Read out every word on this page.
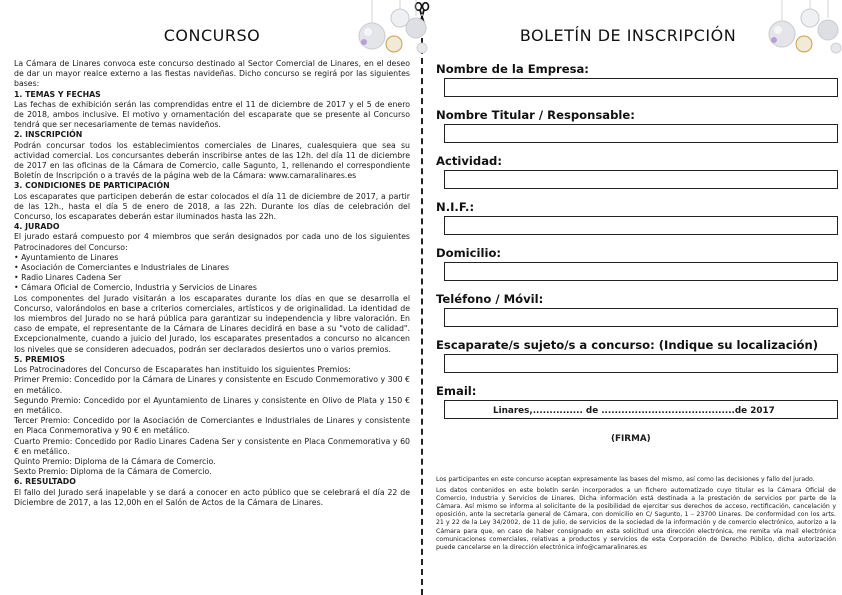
CONCURSO

La Cámara de Linares convoca este concurso destinado al Sector Comercial de Linares, en el deseo de dar un mayor realce externo a las fiestas navideñas. Dicho concurso se regirá por las siguientes bases:

1. TEMAS Y FECHAS

Las fechas de exhibición serán las comprendidas entre el 11 de diciembre de 2017 y el 5 de enero de 2018, ambos inclusive. El motivo y ornamentación del escaparate que se presente al Concurso tendrá que ser necesariamente de temas navideños.

2. INSCRIPCIÓN

Podrán concursar todos los establecimientos comerciales de Linares, cualesquiera que sea su actividad comercial. Los concursantes deberán inscribirse antes de las 12h. del día 11 de diciembre de 2017 en las oficinas de la Cámara de Comercio, calle Sagunto, 1, rellenando el correspondiente Boletín de Inscripción o a través de la página web de la Cámara: www.camaralinares.es

3. CONDICIONES DE PARTICIPACIÓN

Los escaparates que participen deberán de estar colocados el día 11 de diciembre de 2017, a partir de las 12h., hasta el día 5 de enero de 2018, a las 22h. Durante los días de celebración del Concurso, los escaparates deberán estar iluminados hasta las 22h.

4. JURADO

El jurado estará compuesto por 4 miembros que serán designados por cada uno de los siguientes Patrocinadores del Concurso:

• Ayuntamiento de Linares
• Asociación de Comerciantes e Industriales de Linares
• Radio Linares Cadena Ser
• Cámara Oficial de Comercio, Industria y Servicios de Linares

Los componentes del Jurado visitarán a los escaparates durante los días en que se desarrolla el Concurso, valorándolos en base a criterios comerciales, artísticos y de originalidad. La identidad de los miembros del Jurado no se hará pública para garantizar su independencia y libre valoración. En caso de empate, el representante de la Cámara de Linares decidirá en base a su "voto de calidad". Excepcionalmente, cuando a juicio del Jurado, los escaparates presentados a concurso no alcancen los niveles que se consideren adecuados, podrán ser declarados desiertos uno o varios premios.

5. PREMIOS

Los Patrocinadores del Concurso de Escaparates han instituido los siguientes Premios:

Primer Premio: Concedido por la Cámara de Linares y consistente en Escudo Conmemorativo y 300 € en metálico.

Segundo Premio: Concedido por el Ayuntamiento de Linares y consistente en Olivo de Plata y 150 € en metálico.

Tercer Premio: Concedido por la Asociación de Comerciantes e Industriales de Linares y consistente en Placa Conmemorativa y 90 € en metálico.

Cuarto Premio: Concedido por Radio Linares Cadena Ser y consistente en Placa Conmemorativa y 60 € en metálico.

Quinto Premio: Diploma de la Cámara de Comercio.

Sexto Premio: Diploma de la Cámara de Comercio.

6. RESULTADO

El fallo del Jurado será inapelable y se dará a conocer en acto público que se celebrará el día 22 de Diciembre de 2017, a las 12,00h en el Salón de Actos de la Cámara de Linares.

BOLETÍN DE INSCRIPCIÓN
Nombre de la Empresa:
Nombre Titular / Responsable:
Actividad:
N.I.F.:
Domicilio:
Teléfono / Móvil:
Escaparate/s sujeto/s a concurso: (Indique su localización)
Email:
Linares,............... de ........................................de 2017
(FIRMA)

Los participantes en este concurso aceptan expresamente las bases del mismo, así como las decisiones y fallo del jurado.

Los datos contenidos en este boletín serán incorporados a un fichero automatizado cuyo titular es la Cámara Oficial de Comercio, Industria y Servicios de Linares. Dicha información está destinada a la prestación de servicios por parte de la Cámara. Así mismo se informa al solicitante de la posibilidad de ejercitar sus derechos de acceso, rectificación, cancelación y oposición, ante la secretaría general de Cámara, con domicilio en C/ Sagunto, 1 – 23700 Linares. De conformidad con los arts. 21 y 22 de la Ley 34/2002, de 11 de julio, de servicios de la sociedad de la información y de comercio electrónico, autorizo a la Cámara para que, en caso de haber consignado en esta solicitud una dirección electrónica, me remita vía mail electrónica comunicaciones comerciales, relativas a productos y servicios de esta Corporación de Derecho Público, dicha autorización puede cancelarse en la dirección electrónica info@camaralinares.es
